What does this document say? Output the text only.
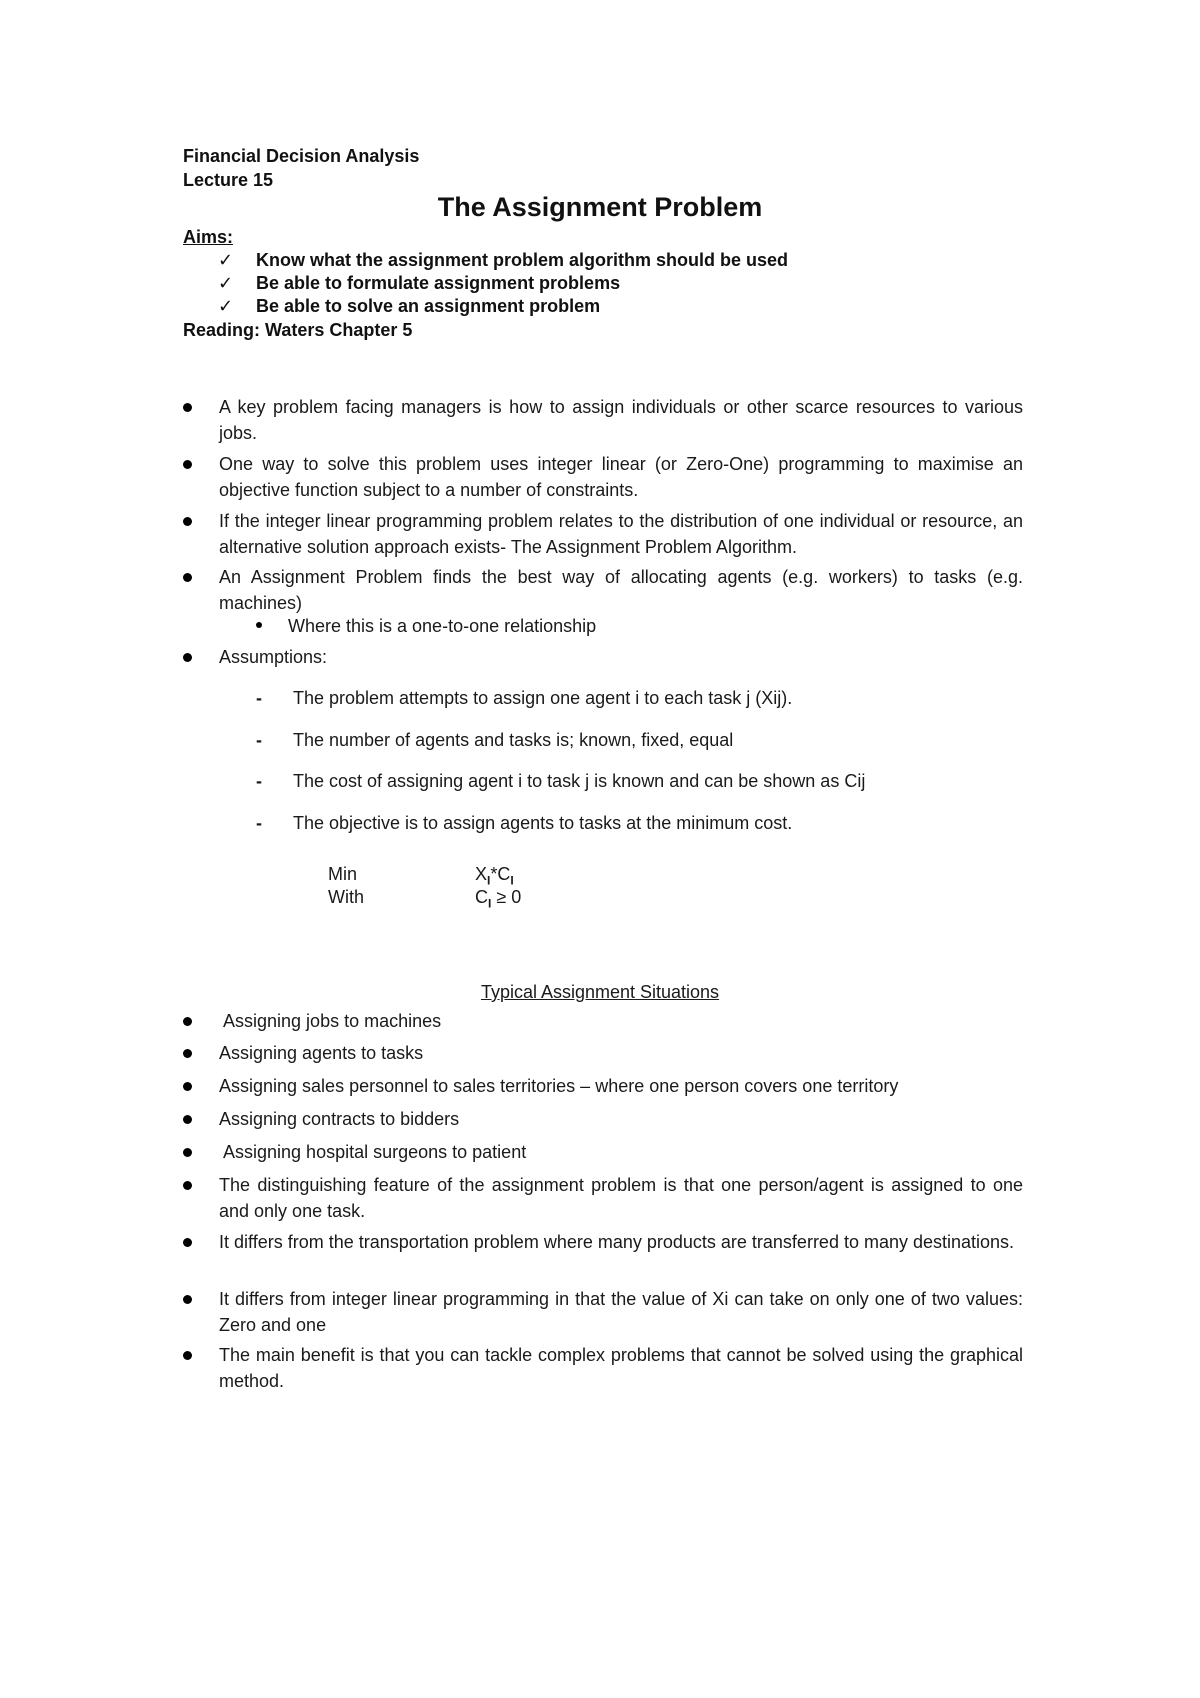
Financial Decision Analysis
Lecture 15
The Assignment Problem
Aims:
✓ Know what the assignment problem algorithm should be used
✓ Be able to formulate assignment problems
✓ Be able to solve an assignment problem
Reading: Waters Chapter 5
A key problem facing managers is how to assign individuals or other scarce resources to various jobs.
One way to solve this problem uses integer linear (or Zero-One) programming to maximise an objective function subject to a number of constraints.
If the integer linear programming problem relates to the distribution of one individual or resource, an alternative solution approach exists- The Assignment Problem Algorithm.
An Assignment Problem finds the best way of allocating agents (e.g. workers) to tasks (e.g. machines)
Where this is a one-to-one relationship
Assumptions:
- The problem attempts to assign one agent i to each task j (Xij).
- The number of agents and tasks is; known, fixed, equal
- The cost of assigning agent i to task j is known and can be shown as Cij
- The objective is to assign agents to tasks at the minimum cost.
Min	$X_I*C_I$
With	$C_I \ge 0$
Typical Assignment Situations
Assigning jobs to machines
Assigning agents to tasks
Assigning sales personnel to sales territories – where one person covers one territory
Assigning contracts to bidders
Assigning hospital surgeons to patient
The distinguishing feature of the assignment problem is that one person/agent is assigned to one and only one task.
It differs from the transportation problem where many products are transferred to many destinations.
It differs from integer linear programming in that the value of Xi can take on only one of two values: Zero and one
The main benefit is that you can tackle complex problems that cannot be solved using the graphical method.
